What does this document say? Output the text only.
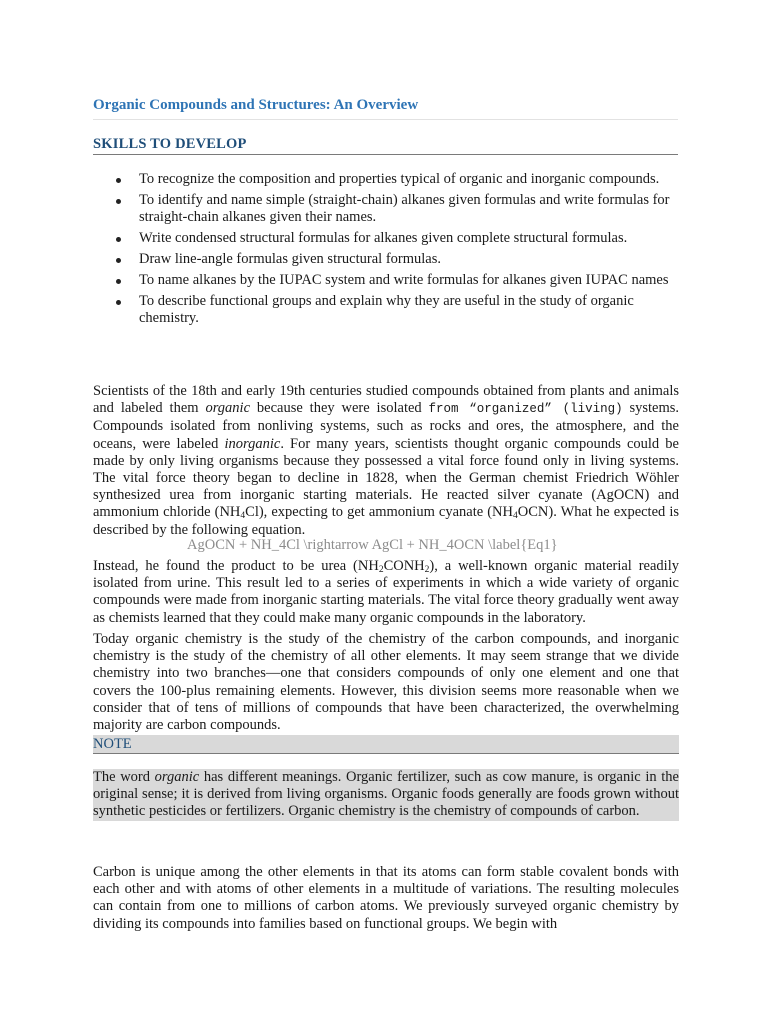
Organic Compounds and Structures: An Overview
SKILLS TO DEVELOP
To recognize the composition and properties typical of organic and inorganic compounds.
To identify and name simple (straight-chain) alkanes given formulas and write formulas for straight-chain alkanes given their names.
Write condensed structural formulas for alkanes given complete structural formulas.
Draw line-angle formulas given structural formulas.
To name alkanes by the IUPAC system and write formulas for alkanes given IUPAC names
To describe functional groups and explain why they are useful in the study of organic chemistry.

Scientists of the 18th and early 19th centuries studied compounds obtained from plants and animals and labeled them organic because they were isolated from “organized” (living) systems. Compounds isolated from nonliving systems, such as rocks and ores, the atmosphere, and the oceans, were labeled inorganic. For many years, scientists thought organic compounds could be made by only living organisms because they possessed a vital force found only in living systems. The vital force theory began to decline in 1828, when the German chemist Friedrich Wöhler synthesized urea from inorganic starting materials. He reacted silver cyanate (AgOCN) and ammonium chloride $(NH_4Cl)$, expecting to get ammonium cyanate $(NH_4OCN)$. What he expected is described by the following equation.

AgOCN + NH_4Cl \rightarrow AgCl + NH_4OCN \label{Eq1}

Instead, he found the product to be urea $(NH_2CONH_2)$, a well-known organic material readily isolated from urine. This result led to a series of experiments in which a wide variety of organic compounds were made from inorganic starting materials. The vital force theory gradually went away as chemists learned that they could make many organic compounds in the laboratory.

Today organic chemistry is the study of the chemistry of the carbon compounds, and inorganic chemistry is the study of the chemistry of all other elements. It may seem strange that we divide chemistry into two branches—one that considers compounds of only one element and one that covers the 100-plus remaining elements. However, this division seems more reasonable when we consider that of tens of millions of compounds that have been characterized, the overwhelming majority are carbon compounds.

NOTE

The word organic has different meanings. Organic fertilizer, such as cow manure, is organic in the original sense; it is derived from living organisms. Organic foods generally are foods grown without synthetic pesticides or fertilizers. Organic chemistry is the chemistry of compounds of carbon.

Carbon is unique among the other elements in that its atoms can form stable covalent bonds with each other and with atoms of other elements in a multitude of variations. The resulting molecules can contain from one to millions of carbon atoms. We previously surveyed organic chemistry by dividing its compounds into families based on functional groups. We begin with
